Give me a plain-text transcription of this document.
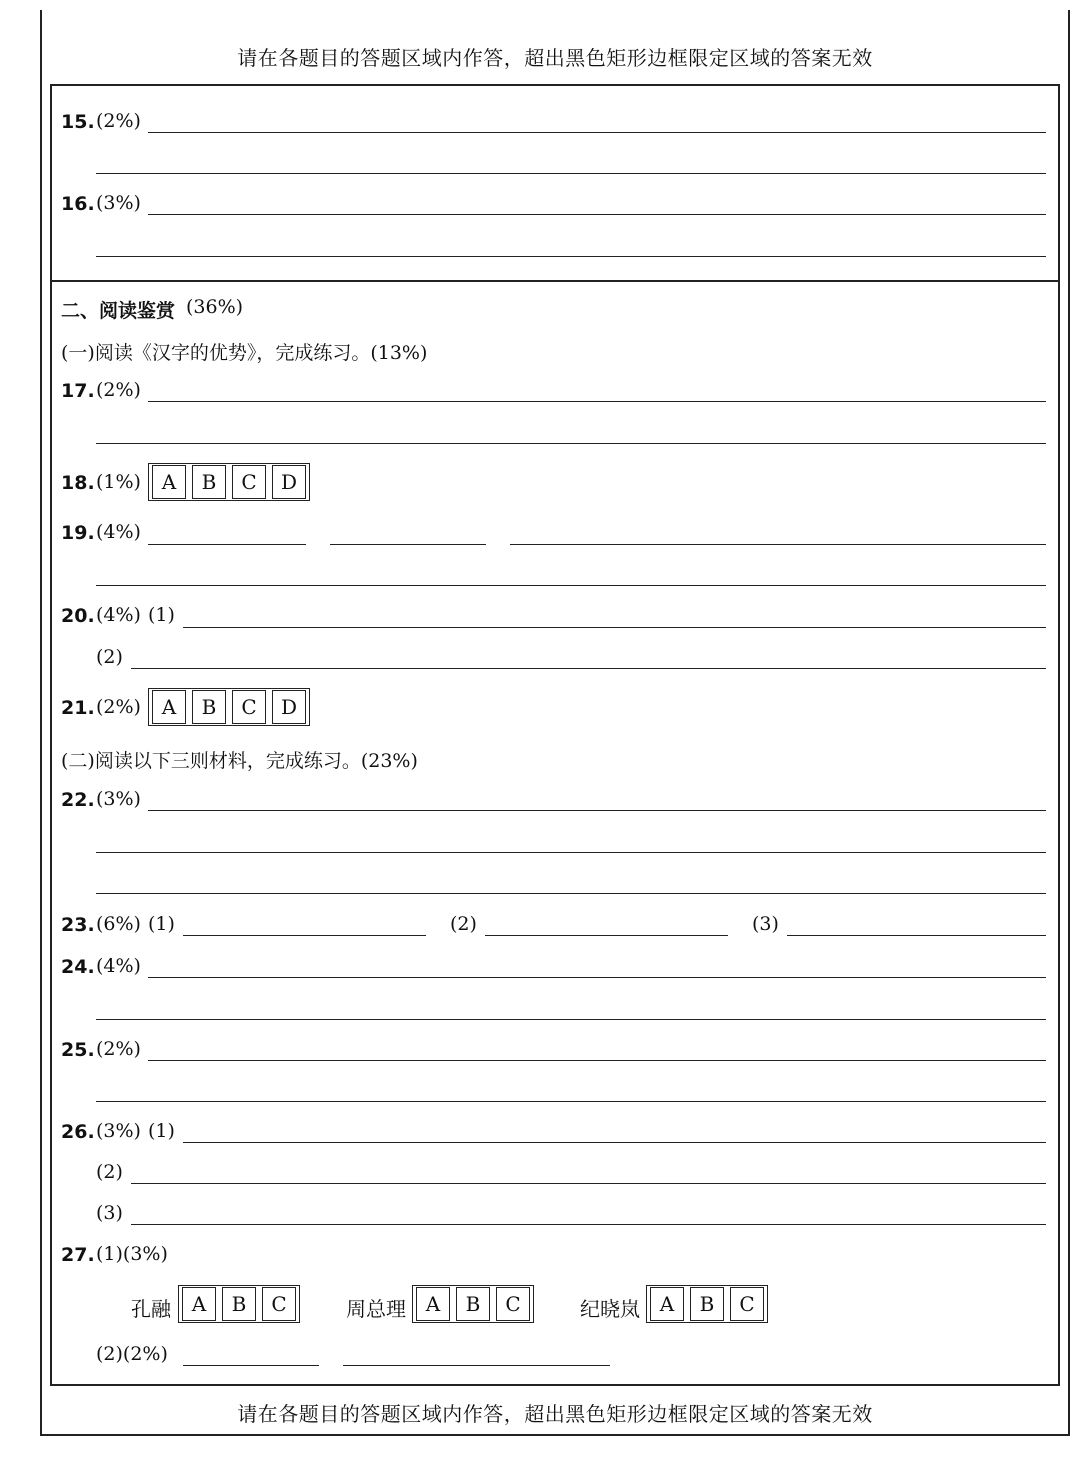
请在各题目的答题区域内作答，超出黑色矩形边框限定区域的答案无效
15. (2%)
16. (3%)
二、阅读鉴赏 (36%)
(一)阅读《汉字的优势》，完成练习。(13%)
17. (2%)
18. (1%)	A	B	C	D
19. (4%)
20. (4%) (1)
(2)
21. (2%)	A	B	C	D
(二)阅读以下三则材料，完成练习。(23%)
22. (3%)
23. (6%) (1)	(2)	(3)
24. (4%)
25. (2%)
26. (3%) (1)
(2)
(3)
27. (1)(3%)
孔融	A	B	C	周总理 A	B	C	纪晓岚 A	B	C
(2)(2%)
请在各题目的答题区域内作答，超出黑色矩形边框限定区域的答案无效
